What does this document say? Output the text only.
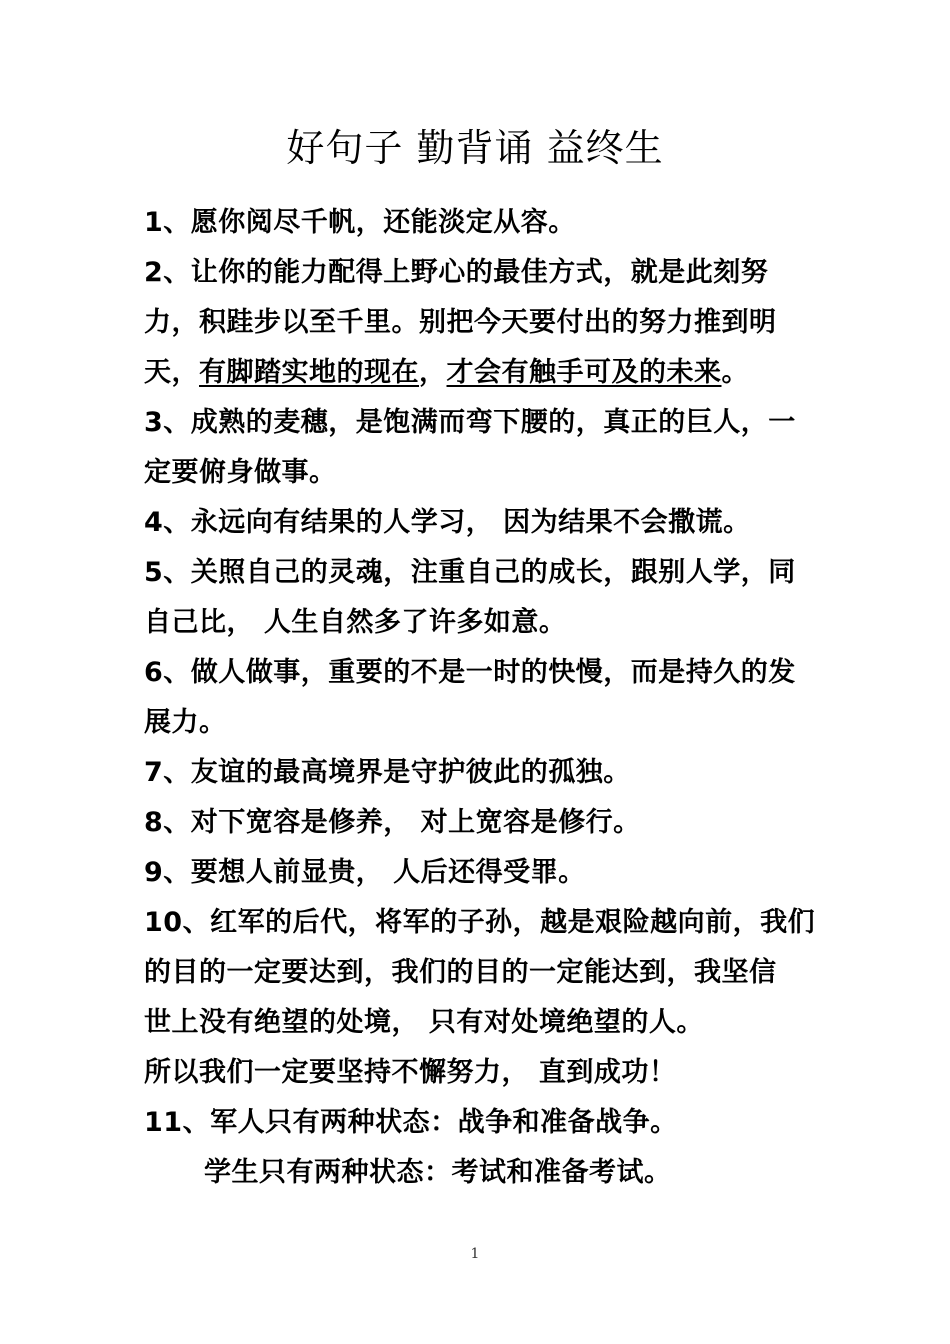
好句子 勤背诵 益终生
1、愿你阅尽千帆，还能淡定从容。
2、让你的能力配得上野心的最佳方式，就是此刻努
力，积跬步以至千里。别把今天要付出的努力推到明
天，有脚踏实地的现在，才会有触手可及的未来。
3、成熟的麦穗，是饱满而弯下腰的，真正的巨人，一
定要俯身做事。
4、永远向有结果的人学习， 因为结果不会撒谎。
5、关照自己的灵魂，注重自己的成长，跟别人学，同
自己比， 人生自然多了许多如意。
6、做人做事，重要的不是一时的快慢，而是持久的发
展力。
7、友谊的最高境界是守护彼此的孤独。
8、对下宽容是修养， 对上宽容是修行。
9、要想人前显贵， 人后还得受罪。
10、红军的后代，将军的子孙，越是艰险越向前，我们
的目的一定要达到，我们的目的一定能达到，我坚信
世上没有绝望的处境， 只有对处境绝望的人。
所以我们一定要坚持不懈努力， 直到成功！
11、军人只有两种状态：战争和准备战争。
学生只有两种状态：考试和准备考试。
1
